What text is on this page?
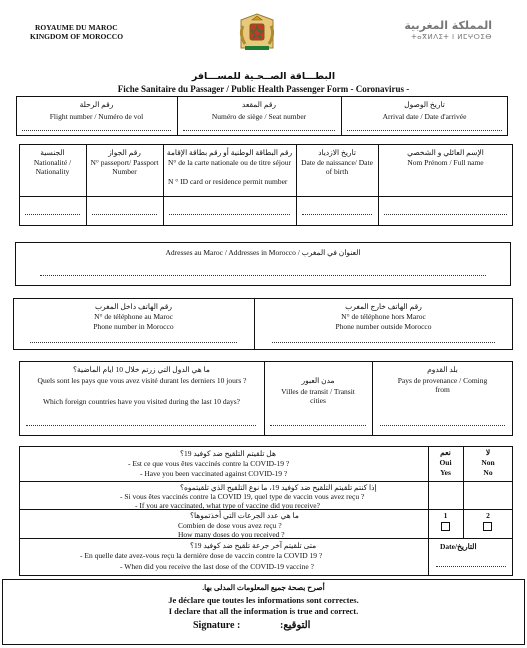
ROYAUME DU MAROC
KINGDOM OF MOROCCO
المملكة المغربية
ⵜⴰⴳⵍⴷⵉⵜ ⵏ ⵍⵎⵖⵔⵉⴱ
البطـــاقة الصــحـية للمســـافر
Fiche Sanitaire du Passager / Public Health Passenger Form - Coronavirus -
رقم الرحلة
Flight number / Numéro de vol
رقم المقعد
Numéro de siège / Seat number
تاريخ الوصول
Arrival date / Date d'arrivée
الجنسية
Nationalité / Nationality
رقم الجواز
N° passeport/ Passport Number
رقم البطاقة الوطنية أو رقم بطاقة الإقامة
N° de la carte nationale ou de titre séjour
N ° ID card or residence permit number
تاريخ الازدياد
Date de naissance/ Date of birth
الإسم العائلي و الشخصي
Nom Prénom / Full name
Adresses au Maroc / Addresses in Morocco / العنوان في المغرب
رقم الهاتف داخل المغرب
N° de téléphone au Maroc
Phone number in Morocco
رقم الهاتف خارج المغرب
N° de téléphone hors Maroc
Phone number outside Morocco
ما هي الدول التي زرتم خلال 10 ايام الماضية؟
Quels sont les pays que vous avez visité durant les derniers 10 jours ?
Which foreign countries have you visited during the last 10 days?
مدن العبور
Villes de transit / Transit cities
بلد القدوم
Pays de provenance / Coming from
هل تلقيتم التلقيح ضد كوفيد 19؟
- Est ce que vous êtes vaccinés contre la COVID-19 ?
- Have you been vaccinated against COVID-19 ?
نعم
Oui
Yes
لا
Non
No
إذا كنتم تلقيتم التلقيح ضد كوفيد 19، ما نوع التلقيح الذي تلقيتموه؟
- Si vous êtes vaccinés contre la COVID 19, quel type de vaccin vous avez reçu ?
- If you are vaccinated, what type of vaccine did you receive?
ما هي عدد الجرعات التي أخذتموها؟
Combien de dose vous avez reçu ?
How many doses do you received ?
1	2
متى تلقيتم آخر جرعة تلقيح ضد كوفيد 19؟
- En quelle date avez-vous reçu la dernière dose de vaccin contre la COVID 19 ?
- When did you receive the last dose of the COVID-19 vaccine ?
Date/التاريخ
أصرح بصحة جميع المعلومات المدلى بها.
Je déclare que toutes les informations sont correctes.
I declare that all the information is true and correct.
Signature :	التوقيع:
